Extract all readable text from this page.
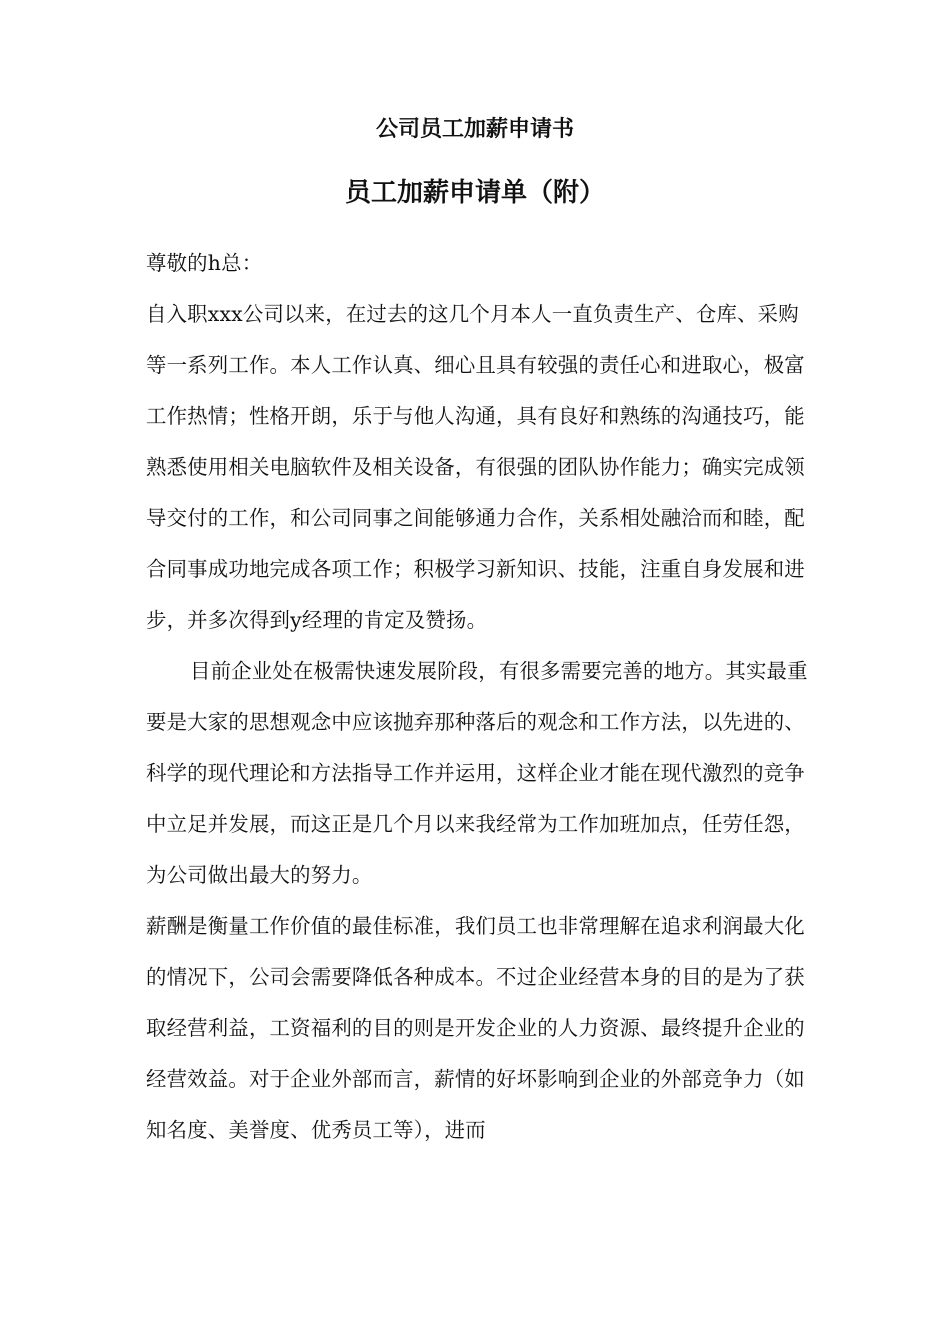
公司员工加薪申请书
员工加薪申请单（附）

尊敬的h总：

自入职xxx公司以来，在过去的这几个月本人一直负责生产、仓库、采购等一系列工作。本人工作认真、细心且具有较强的责任心和进取心，极富工作热情；性格开朗，乐于与他人沟通，具有良好和熟练的沟通技巧，能熟悉使用相关电脑软件及相关设备，有很强的团队协作能力；确实完成领导交付的工作，和公司同事之间能够通力合作，关系相处融洽而和睦，配合同事成功地完成各项工作；积极学习新知识、技能，注重自身发展和进步，并多次得到y经理的肯定及赞扬。

目前企业处在极需快速发展阶段，有很多需要完善的地方。其实最重要是大家的思想观念中应该抛弃那种落后的观念和工作方法，以先进的、科学的现代理论和方法指导工作并运用，这样企业才能在现代激烈的竞争中立足并发展，而这正是几个月以来我经常为工作加班加点，任劳任怨，为公司做出最大的努力。

薪酬是衡量工作价值的最佳标准，我们员工也非常理解在追求利润最大化的情况下，公司会需要降低各种成本。不过企业经营本身的目的是为了获取经营利益，工资福利的目的则是开发企业的人力资源、最终提升企业的经营效益。对于企业外部而言，薪情的好坏影响到企业的外部竞争力（如知名度、美誉度、优秀员工等），进而
